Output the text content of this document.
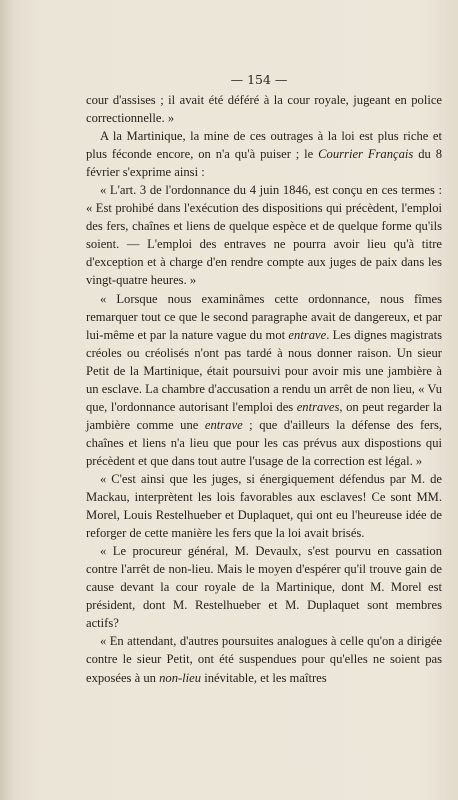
— 154 —

cour d'assises ; il avait été déféré à la cour royale, jugeant en police correctionnelle. »

A la Martinique, la mine de ces outrages à la loi est plus riche et plus féconde encore, on n'a qu'à puiser ; le Courrier Français du 8 février s'exprime ainsi :

« L'art. 3 de l'ordonnance du 4 juin 1846, est conçu en ces termes : « Est prohibé dans l'exécution des dispositions qui précèdent, l'emploi des fers, chaînes et liens de quelque espèce et de quelque forme qu'ils soient. — L'emploi des entraves ne pourra avoir lieu qu'à titre d'exception et à charge d'en rendre compte aux juges de paix dans les vingt-quatre heures. »

« Lorsque nous examinâmes cette ordonnance, nous fîmes remarquer tout ce que le second paragraphe avait de dangereux, et par lui-même et par la nature vague du mot entrave. Les dignes magistrats créoles ou créolisés n'ont pas tardé à nous donner raison. Un sieur Petit de la Martinique, était poursuivi pour avoir mis une jambière à un esclave. La chambre d'accusation a rendu un arrêt de non lieu, « Vu que, l'ordonnance autorisant l'emploi des entraves, on peut regarder la jambière comme une entrave ; que d'ailleurs la défense des fers, chaînes et liens n'a lieu que pour les cas prévus aux dispostions qui précèdent et que dans tout autre l'usage de la correction est légal. »

« C'est ainsi que les juges, si énergiquement défendus par M. de Mackau, interprètent les lois favorables aux esclaves! Ce sont MM. Morel, Louis Restelhueber et Duplaquet, qui ont eu l'heureuse idée de reforger de cette manière les fers que la loi avait brisés.

« Le procureur général, M. Devaulx, s'est pourvu en cassation contre l'arrêt de non-lieu. Mais le moyen d'espérer qu'il trouve gain de cause devant la cour royale de la Martinique, dont M. Morel est président, dont M. Restelhueber et M. Duplaquet sont membres actifs?

« En attendant, d'autres poursuites analogues à celle qu'on a dirigée contre le sieur Petit, ont été suspendues pour qu'elles ne soient pas exposées à un non-lieu inévitable, et les maîtres
